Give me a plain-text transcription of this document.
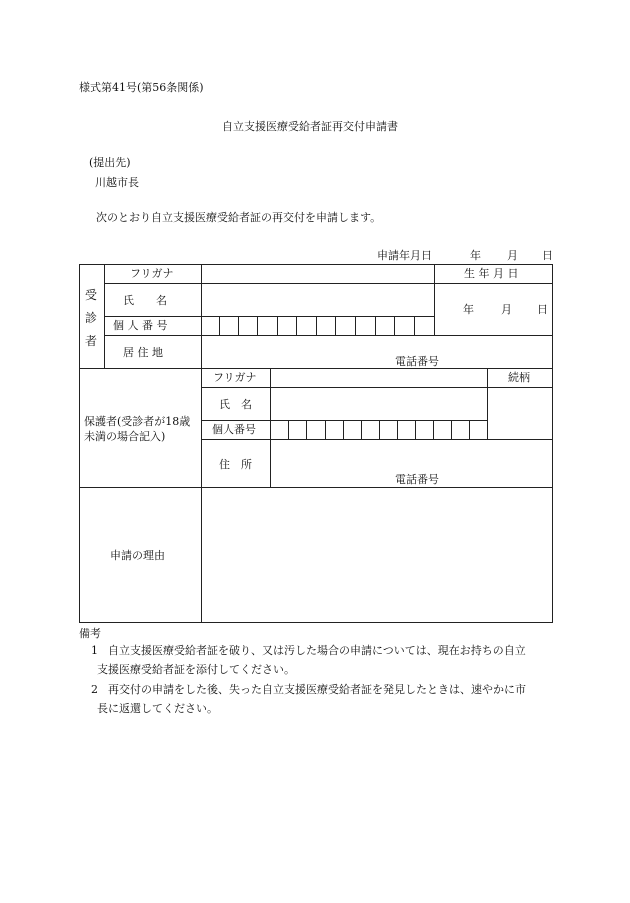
様式第41号(第56条関係)
自立支援医療受給者証再交付申請書
(提出先)
川越市長
次のとおり自立支援医療受給者証の再交付を申請します。
申請年月日	年 月 日
受
診
者
フリガナ
氏　　名
個 人 番 号
居 住 地
電話番号
生 年 月 日
年 月 日
保護者(受診者が18歳
未満の場合記入)
フリガナ
氏　名
個人番号
住　所
電話番号
続柄
申請の理由
備考
1 自立支援医療受給者証を破り、又は汚した場合の申請については、現在お持ちの自立
支援医療受給者証を添付してください。
2 再交付の申請をした後、失った自立支援医療受給者証を発見したときは、速やかに市
長に返還してください。
